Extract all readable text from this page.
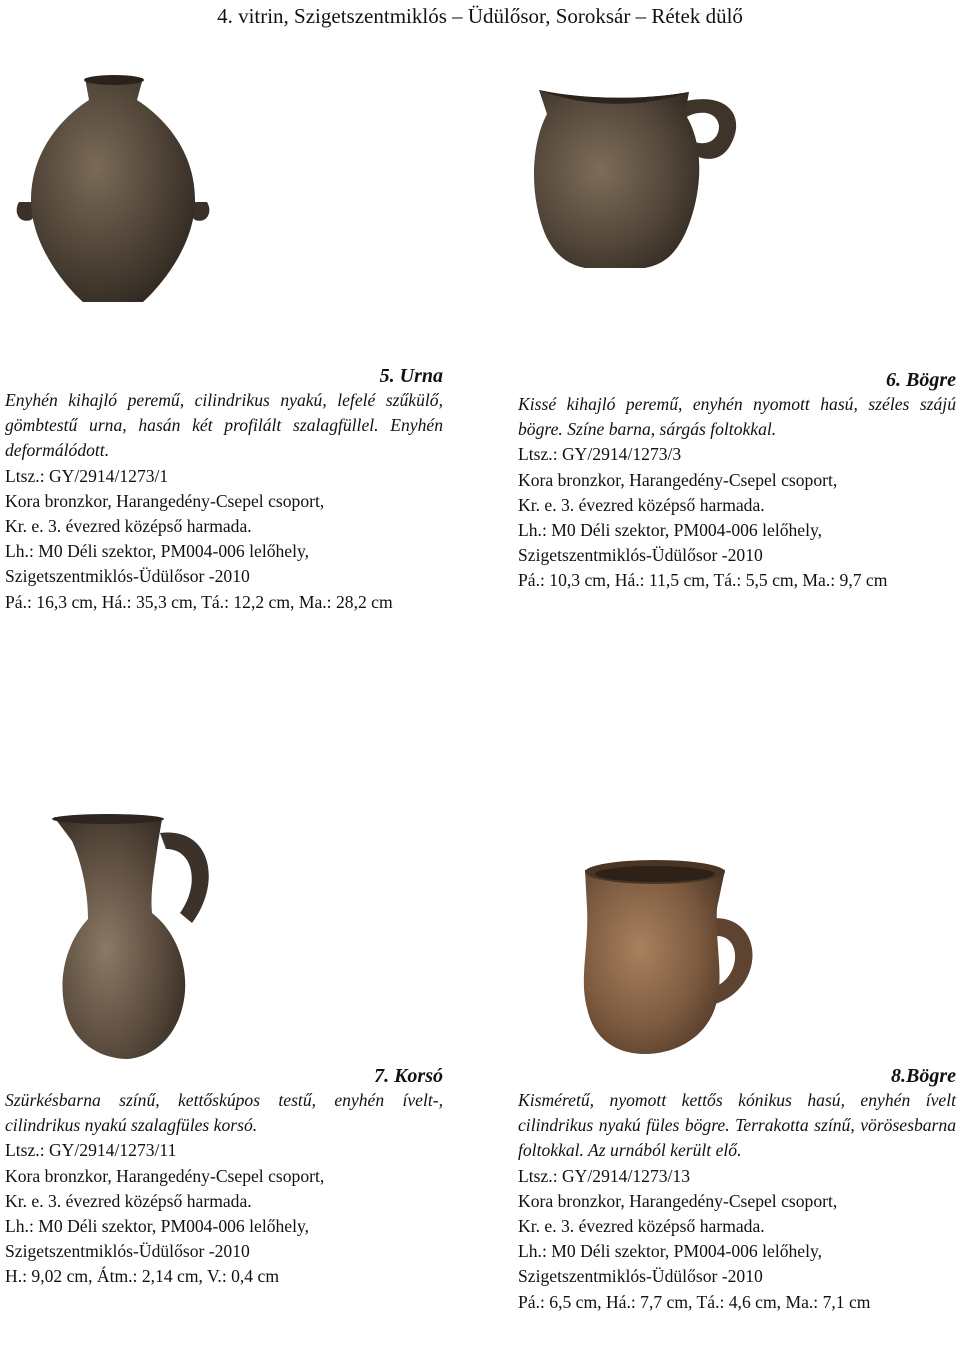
4. vitrin, Szigetszentmiklós – Üdülősor, Soroksár – Rétek dülő

5. Urna

Enyhén kihajló peremű, cilindrikus nyakú, lefelé szűkülő, gömbtestű urna, hasán két profilált szalagfüllel. Enyhén deformálódott.

Ltsz.: GY/2914/1273/1

Kora bronzkor, Harangedény-Csepel csoport,

Kr. e. 3. évezred középső harmada.

Lh.: M0 Déli szektor, PM004-006 lelőhely,

Szigetszentmiklós-Üdülősor -2010

Pá.: 16,3 cm, Há.: 35,3 cm, Tá.: 12,2 cm, Ma.: 28,2 cm

6. Bögre

Kissé kihajló peremű, enyhén nyomott hasú, széles szájú bögre. Színe barna, sárgás foltokkal.

Ltsz.: GY/2914/1273/3

Kora bronzkor, Harangedény-Csepel csoport,

Kr. e. 3. évezred középső harmada.

Lh.: M0 Déli szektor, PM004-006 lelőhely,

Szigetszentmiklós-Üdülősor -2010

Pá.: 10,3 cm, Há.: 11,5 cm, Tá.: 5,5 cm, Ma.: 9,7 cm

7. Korsó

Szürkésbarna színű, kettőskúpos testű, enyhén ívelt-, cilindrikus nyakú szalagfüles korsó.

Ltsz.: GY/2914/1273/11

Kora bronzkor, Harangedény-Csepel csoport,

Kr. e. 3. évezred középső harmada.

Lh.: M0 Déli szektor, PM004-006 lelőhely,

Szigetszentmiklós-Üdülősor -2010

H.: 9,02 cm, Átm.: 2,14 cm, V.: 0,4 cm

8.Bögre

Kisméretű, nyomott kettős kónikus hasú, enyhén ívelt cilindrikus nyakú füles bögre. Terrakotta színű, vörösesbarna foltokkal. Az urnából került elő.

Ltsz.: GY/2914/1273/13

Kora bronzkor, Harangedény-Csepel csoport,

Kr. e. 3. évezred középső harmada.

Lh.: M0 Déli szektor, PM004-006 lelőhely,

Szigetszentmiklós-Üdülősor -2010

Pá.: 6,5 cm, Há.: 7,7 cm, Tá.: 4,6 cm, Ma.: 7,1 cm
